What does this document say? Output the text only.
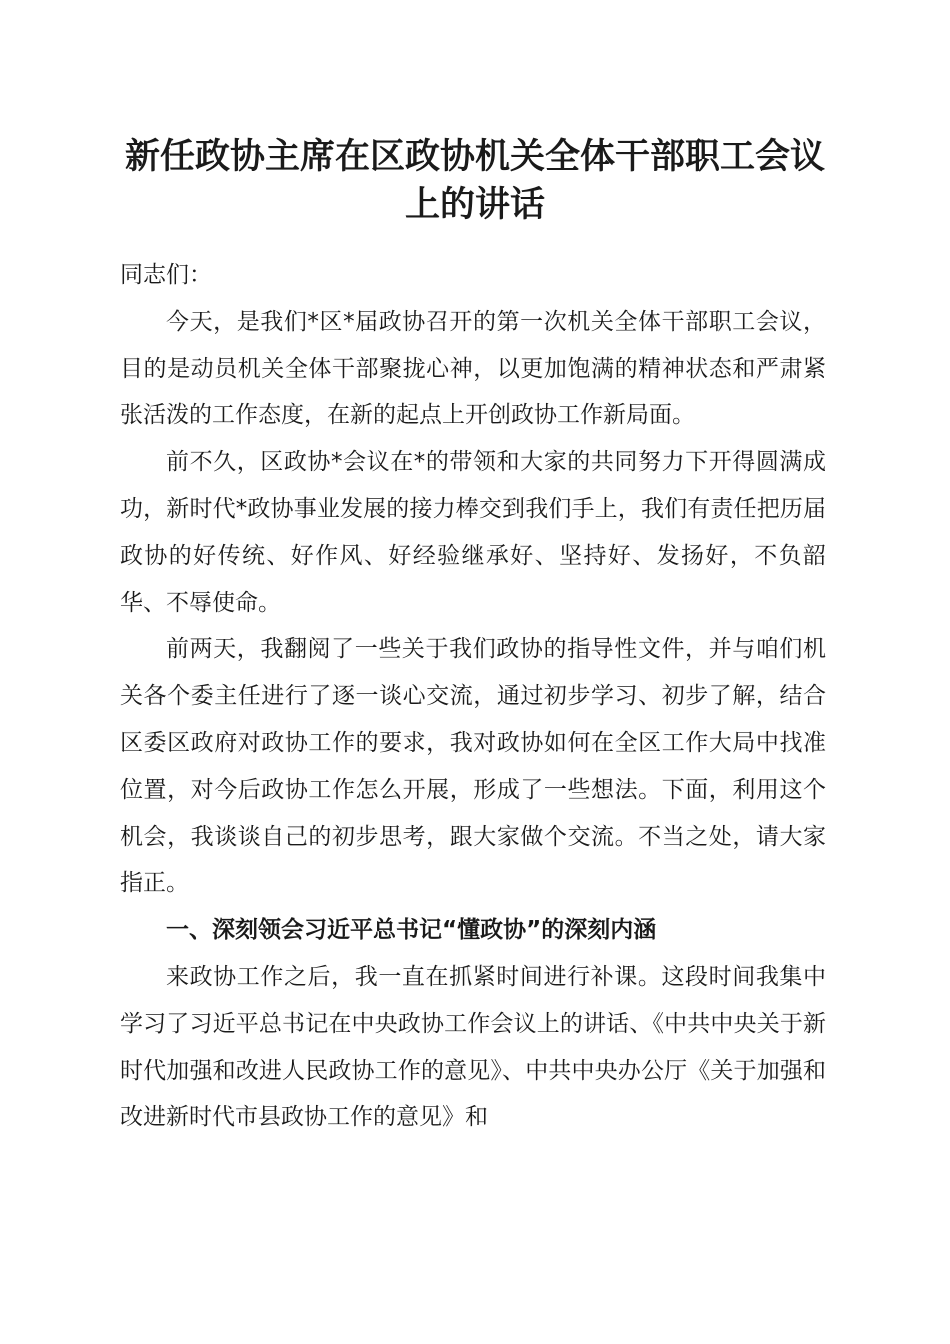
新任政协主席在区政协机关全体干部职工会议
上的讲话

同志们：

今天，是我们*区*届政协召开的第一次机关全体干部职工会议，目的是动员机关全体干部聚拢心神，以更加饱满的精神状态和严肃紧张活泼的工作态度，在新的起点上开创政协工作新局面。

前不久，区政协*会议在*的带领和大家的共同努力下开得圆满成功，新时代*政协事业发展的接力棒交到我们手上，我们有责任把历届政协的好传统、好作风、好经验继承好、坚持好、发扬好，不负韶华、不辱使命。

前两天，我翻阅了一些关于我们政协的指导性文件，并与咱们机关各个委主任进行了逐一谈心交流，通过初步学习、初步了解，结合区委区政府对政协工作的要求，我对政协如何在全区工作大局中找准位置，对今后政协工作怎么开展，形成了一些想法。下面，利用这个机会，我谈谈自己的初步思考，跟大家做个交流。不当之处，请大家指正。

一、深刻领会习近平总书记“懂政协”的深刻内涵

来政协工作之后，我一直在抓紧时间进行补课。这段时间我集中学习了习近平总书记在中央政协工作会议上的讲话、《中共中央关于新时代加强和改进人民政协工作的意见》、中共中央办公厅《关于加强和改进新时代市县政协工作的意见》和
